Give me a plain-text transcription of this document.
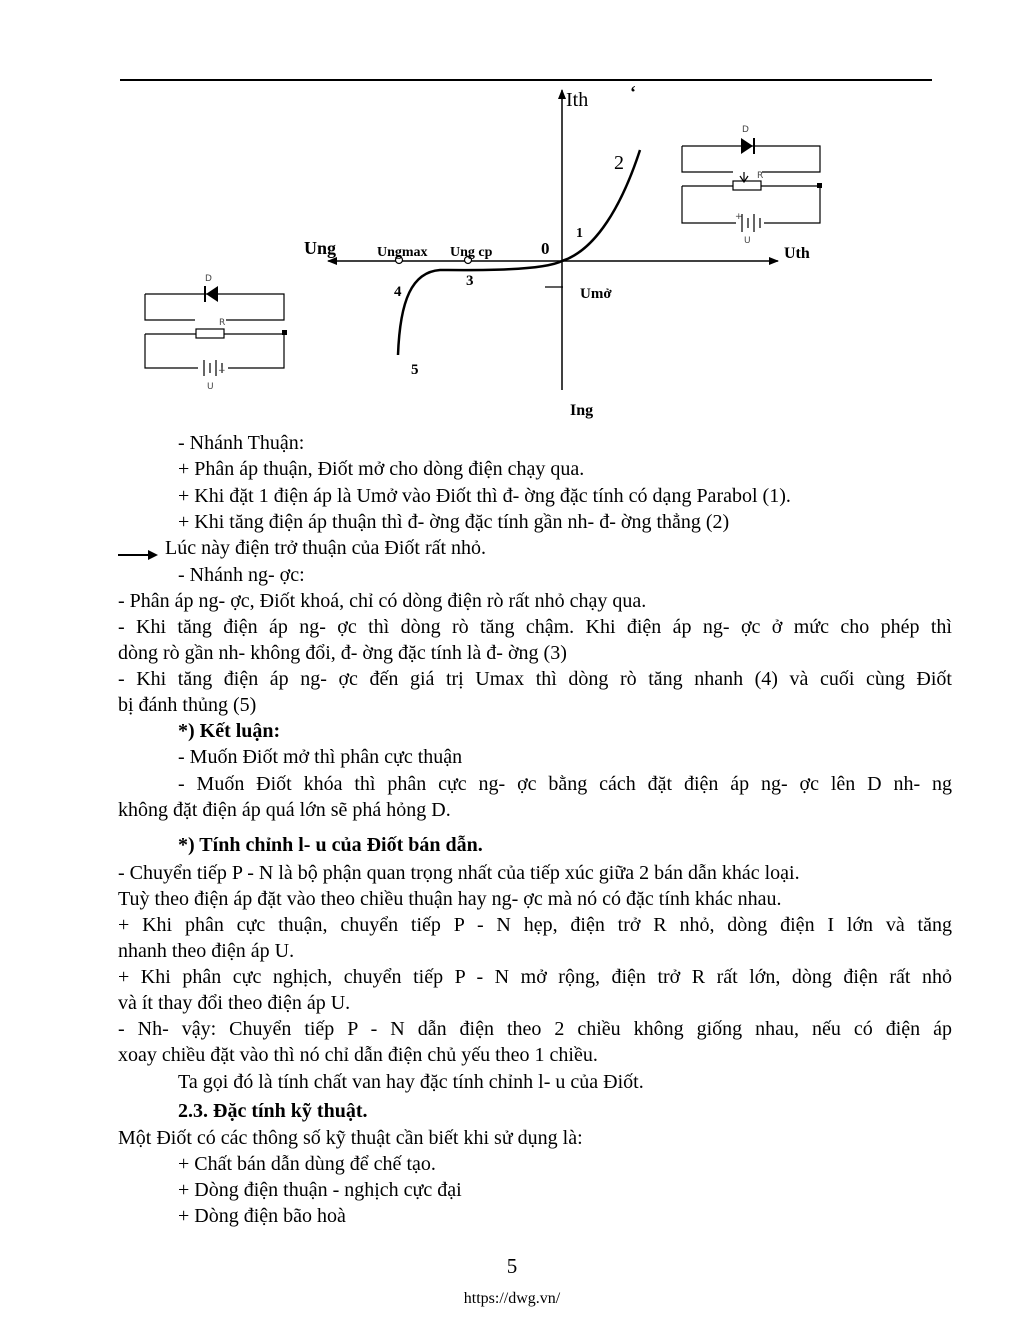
Ith ‘
Ung	Uth
Ing
Ungmax Ung cp	0
Umở
1
2
3
4
5
D
R
+
U
D
R
+
U
- Nhánh Thuận:
+ Phân áp thuận, Điốt mở cho dòng điện chạy qua.
+ Khi đặt 1 điện áp là Umở vào Điốt thì đ- ờng đặc tính có dạng Parabol (1).
+ Khi tăng điện áp thuận thì đ- ờng đặc tính gần nh- đ- ờng thẳng (2)
Lúc này điện trở thuận của Điốt rất nhỏ.
- Nhánh ng- ợc:
- Phân áp ng- ợc, Điốt khoá, chỉ có dòng điện rò rất nhỏ chạy qua.
- Khi tăng điện áp ng- ợc thì dòng rò tăng chậm. Khi điện áp ng- ợc ở mức cho phép thì
dòng rò gần nh- không đổi, đ- ờng đặc tính là đ- ờng (3)
- Khi tăng điện áp ng- ợc đến giá trị Umax thì dòng rò tăng nhanh (4) và cuối cùng Điốt
bị đánh thủng (5)
*) Kết luận:
- Muốn Điốt mở thì phân cực thuận
- Muốn Điốt khóa thì phân cực ng- ợc bằng cách đặt điện áp ng- ợc lên D nh- ng
không đặt điện áp quá lớn sẽ phá hỏng D.
*) Tính chỉnh l- u của Điốt bán dẫn.
- Chuyển tiếp P - N là bộ phận quan trọng nhất của tiếp xúc giữa 2 bán dẫn khác loại.
Tuỳ theo điện áp đặt vào theo chiều thuận hay ng- ợc mà nó có đặc tính khác nhau.
+ Khi phân cực thuận, chuyển tiếp P - N hẹp, điện trở R nhỏ, dòng điện I lớn và tăng
nhanh theo điện áp U.
+ Khi phân cực nghịch, chuyển tiếp P - N mở rộng, điện trở R rất lớn, dòng điện rất nhỏ
và ít thay đổi theo điện áp U.
- Nh- vậy: Chuyển tiếp P - N dẫn điện theo 2 chiều không giống nhau, nếu có điện áp
xoay chiều đặt vào thì nó chỉ dẫn điện chủ yếu theo 1 chiều.
Ta gọi đó là tính chất van hay đặc tính chỉnh l- u của Điốt.
2.3. Đặc tính kỹ thuật.
Một Điốt có các thông số kỹ thuật cần biết khi sử dụng là:
+ Chất bán dẫn dùng để chế tạo.
+ Dòng điện thuận - nghịch cực đại
+ Dòng điện bão hoà
5
https://dwg.vn/
